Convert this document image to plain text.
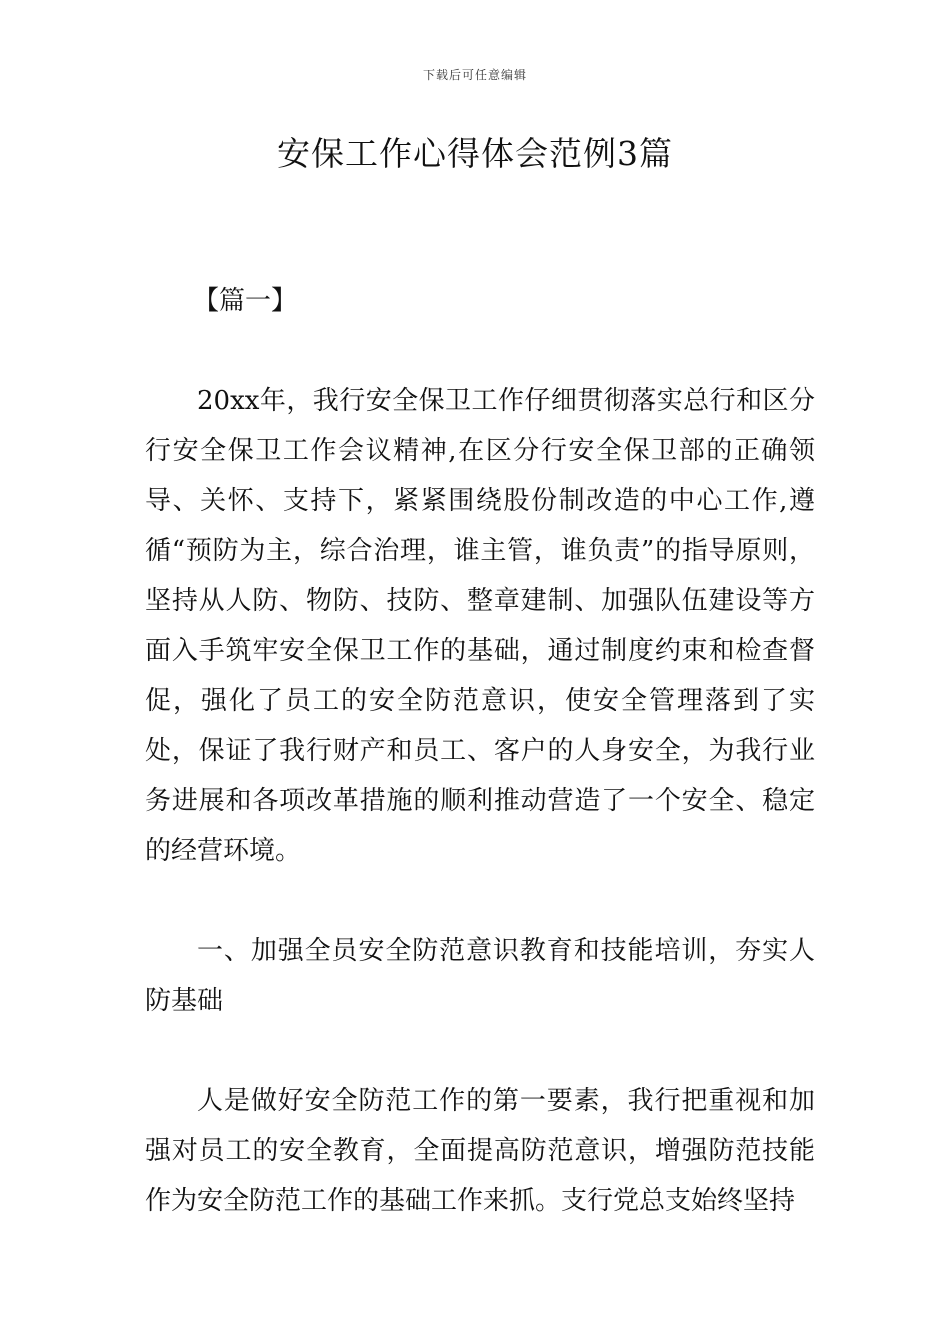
下载后可任意编辑
安保工作心得体会范例3篇

【篇一】

20xx年，我行安全保卫工作仔细贯彻落实总行和区分行安全保卫工作会议精神,在区分行安全保卫部的正确领导、关怀、支持下，紧紧围绕股份制改造的中心工作,遵循“预防为主，综合治理，谁主管，谁负责”的指导原则，坚持从人防、物防、技防、整章建制、加强队伍建设等方面入手筑牢安全保卫工作的基础，通过制度约束和检查督促，强化了员工的安全防范意识，使安全管理落到了实处，保证了我行财产和员工、客户的人身安全，为我行业务进展和各项改革措施的顺利推动营造了一个安全、稳定的经营环境。

一、加强全员安全防范意识教育和技能培训，夯实人防基础

人是做好安全防范工作的第一要素，我行把重视和加强对员工的安全教育，全面提高防范意识，增强防范技能作为安全防范工作的基础工作来抓。支行党总支始终坚持
